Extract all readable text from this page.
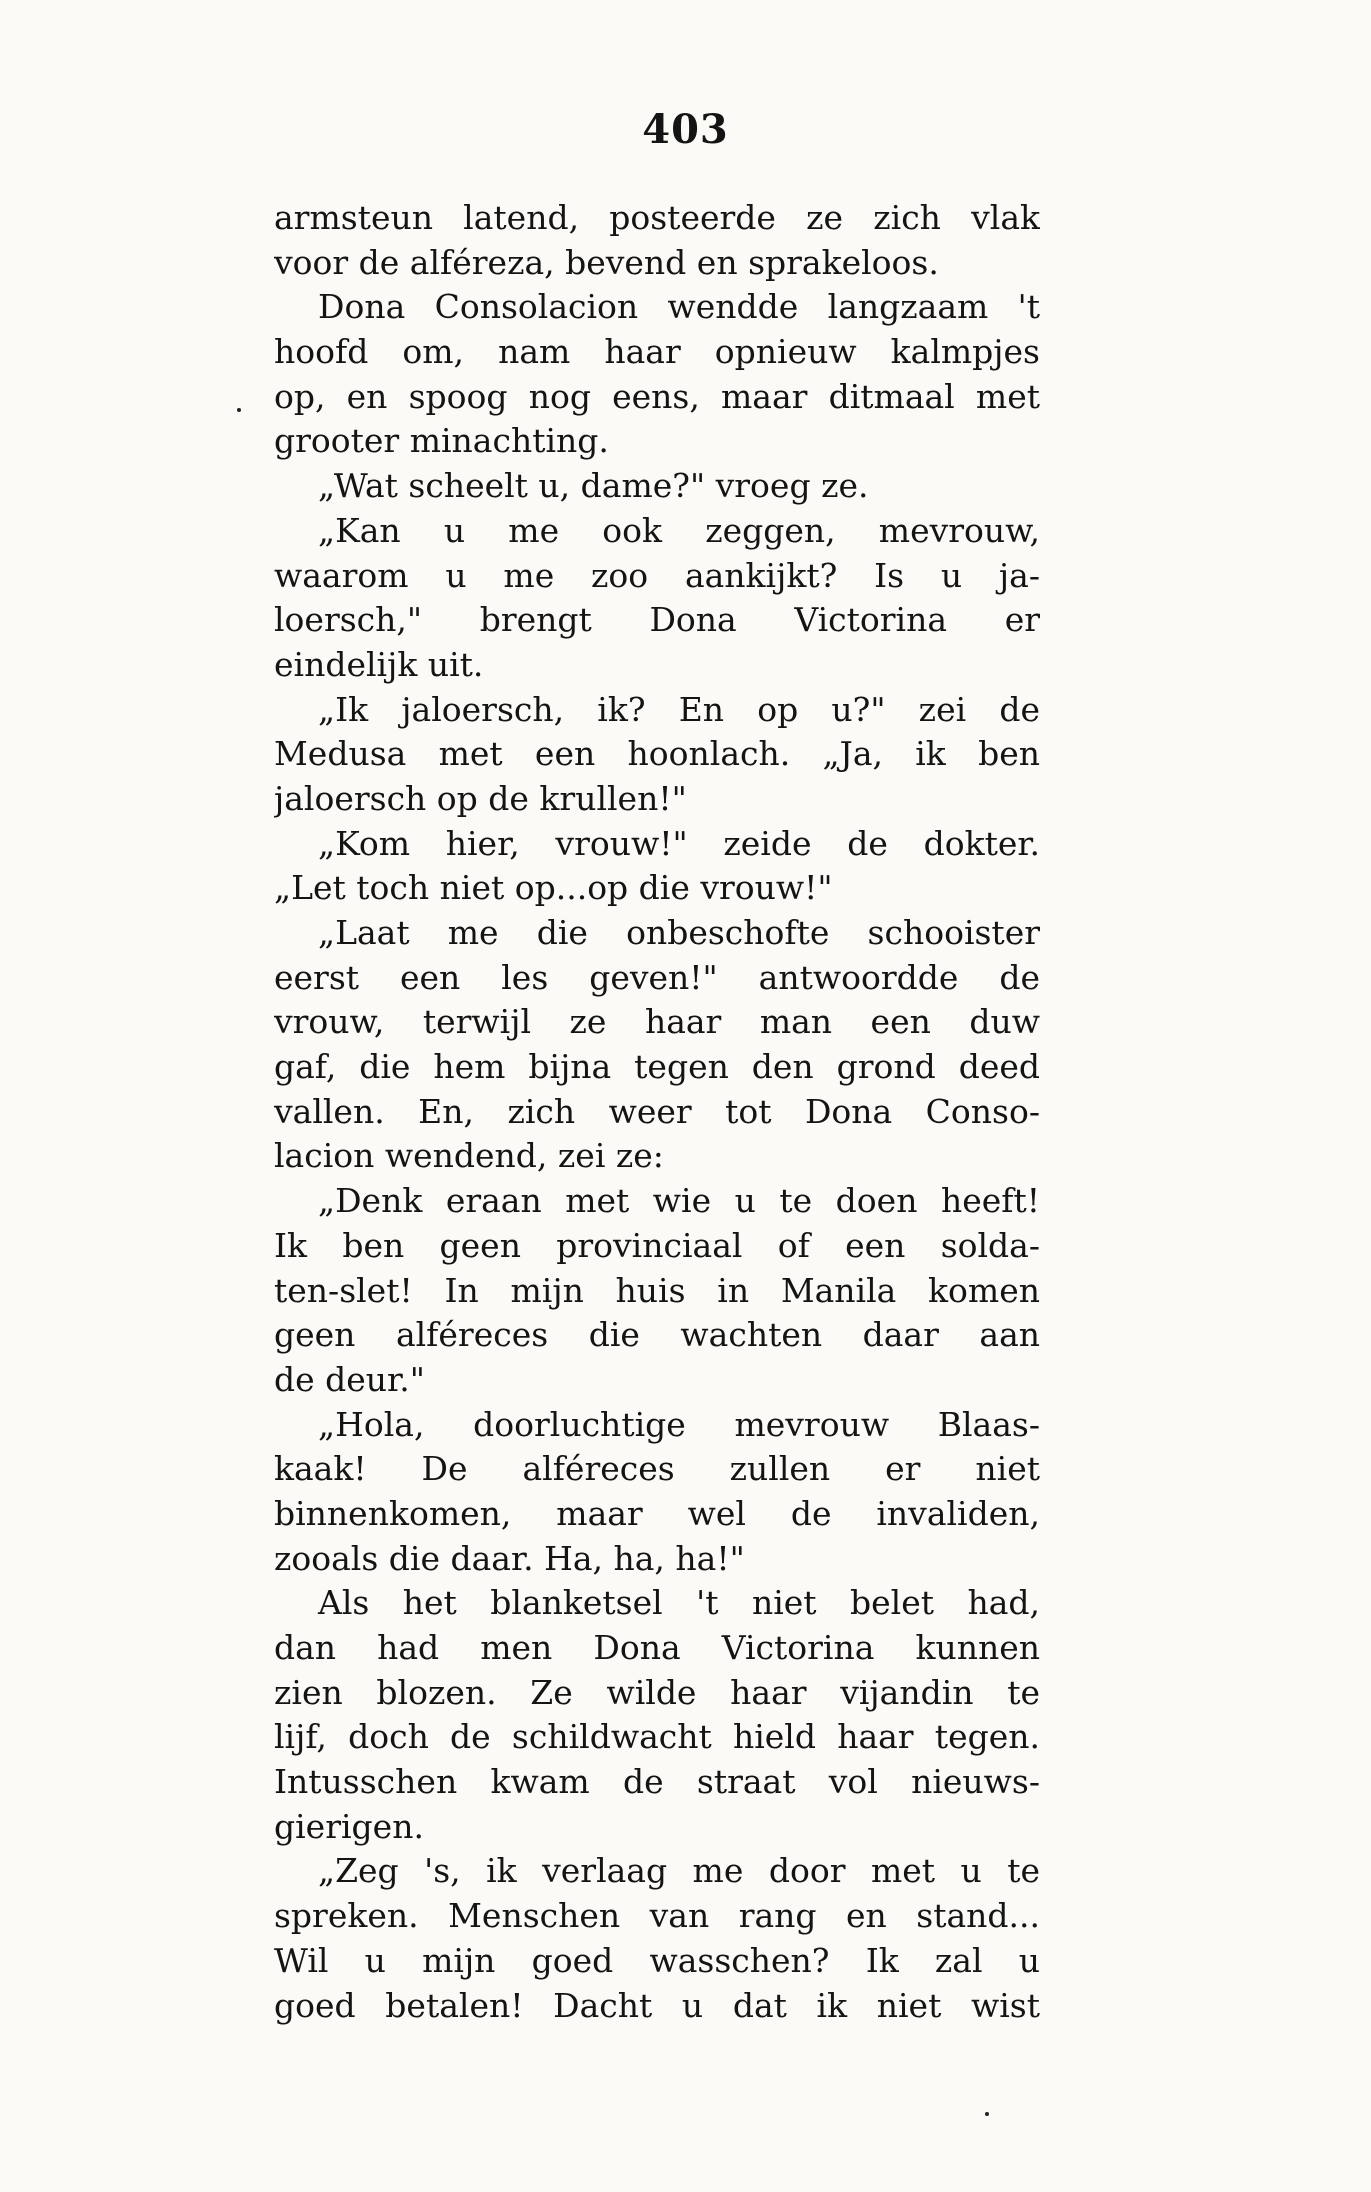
403
armsteun latend, posteerde ze zich vlak
voor de alféreza, bevend en sprakeloos.
Dona Consolacion wendde langzaam 't
hoofd om, nam haar opnieuw kalmpjes
op, en spoog nog eens, maar ditmaal met
grooter minachting.
„Wat scheelt u, dame?" vroeg ze.
„Kan u me ook zeggen, mevrouw,
waarom u me zoo aankijkt? Is u ja-
loersch," brengt Dona Victorina er
eindelijk uit.
„Ik jaloersch, ik? En op u?" zei de
Medusa met een hoonlach. „Ja, ik ben
jaloersch op de krullen!"
„Kom hier, vrouw!" zeide de dokter.
„Let toch niet op...op die vrouw!"
„Laat me die onbeschofte schooister
eerst een les geven!" antwoordde de
vrouw, terwijl ze haar man een duw
gaf, die hem bijna tegen den grond deed
vallen. En, zich weer tot Dona Conso-
lacion wendend, zei ze:
„Denk eraan met wie u te doen heeft!
Ik ben geen provinciaal of een solda-
ten-slet! In mijn huis in Manila komen
geen alféreces die wachten daar aan
de deur."
„Hola, doorluchtige mevrouw Blaas-
kaak! De alféreces zullen er niet
binnenkomen, maar wel de invaliden,
zooals die daar. Ha, ha, ha!"
Als het blanketsel 't niet belet had,
dan had men Dona Victorina kunnen
zien blozen. Ze wilde haar vijandin te
lijf, doch de schildwacht hield haar tegen.
Intusschen kwam de straat vol nieuws-
gierigen.
„Zeg 's, ik verlaag me door met u te
spreken. Menschen van rang en stand...
Wil u mijn goed wasschen? Ik zal u
goed betalen! Dacht u dat ik niet wist
